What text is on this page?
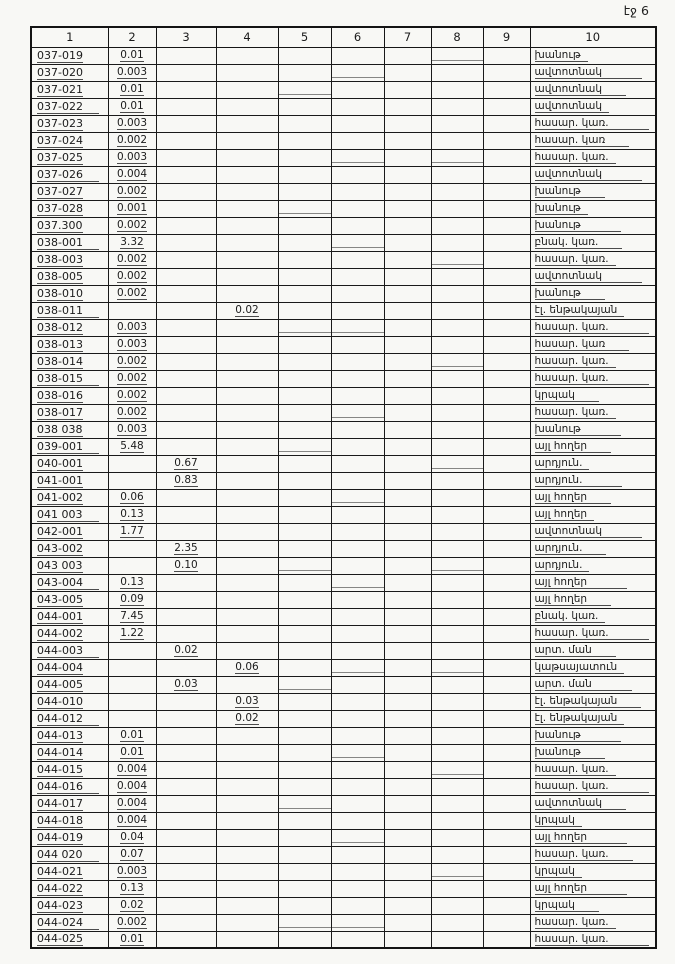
էջ 6
1	2	3	4	5	6	7	8	9	10
037-019	0.01								խանութ
037-020	0.003								ավտոտնակ
037-021	0.01								ավտոտնակ
037-022	0.01								ավտոտնակ
037-023	0.003								հասար. կառ.
037-024	0.002								հասար. կառ
037-025	0.003								հասար. կառ.
037-026	0.004								ավտոտնակ
037-027	0.002								խանութ
037-028	0.001								խանութ
037.300	0.002								խանութ
038-001	3.32								բնակ. կառ.
038-003	0.002								հասար. կառ.
038-005	0.002								ավտոտնակ
038-010	0.002								խանութ
038-011			0.02						էլ. ենթակայան
038-012	0.003								հասար. կառ.
038-013	0.003								հասար. կառ
038-014	0.002								հասար. կառ.
038-015	0.002								հասար. կառ.
038-016	0.002								կրպակ
038-017	0.002								հասար. կառ.
038 038	0.003								խանութ
039-001	5.48								այլ հողեր
040-001		0.67							արդյուն.
041-001		0.83							արդյուն.
041-002	0.06								այլ հողեր
041 003	0.13								այլ հողեր
042-001	1.77								ավտոտնակ
043-002		2.35							արդյուն.
043 003		0.10							արդյուն.
043-004	0.13								այլ հողեր
043-005	0.09								այլ հողեր
044-001	7.45								բնակ. կառ.
044-002	1.22								հասար. կառ.
044-003		0.02							արտ. ման
044-004			0.06						կաթսայատուն
044-005		0.03							արտ. ման
044-010			0.03						էլ. ենթակայան
044-012			0.02						էլ. ենթակայան
044-013	0.01								խանութ
044-014	0.01								խանութ
044-015	0.004								հասար. կառ.
044-016	0.004								հասար. կառ.
044-017	0.004								ավտոտնակ
044-018	0.004								կրպակ
044-019	0.04								այլ հողեր
044 020	0.07								հասար. կառ.
044-021	0.003								կրպակ
044-022	0.13								այլ հողեր
044-023	0.02								կրպակ
044-024	0.002								հասար. կառ.
044-025	0.01								հասար. կառ.
